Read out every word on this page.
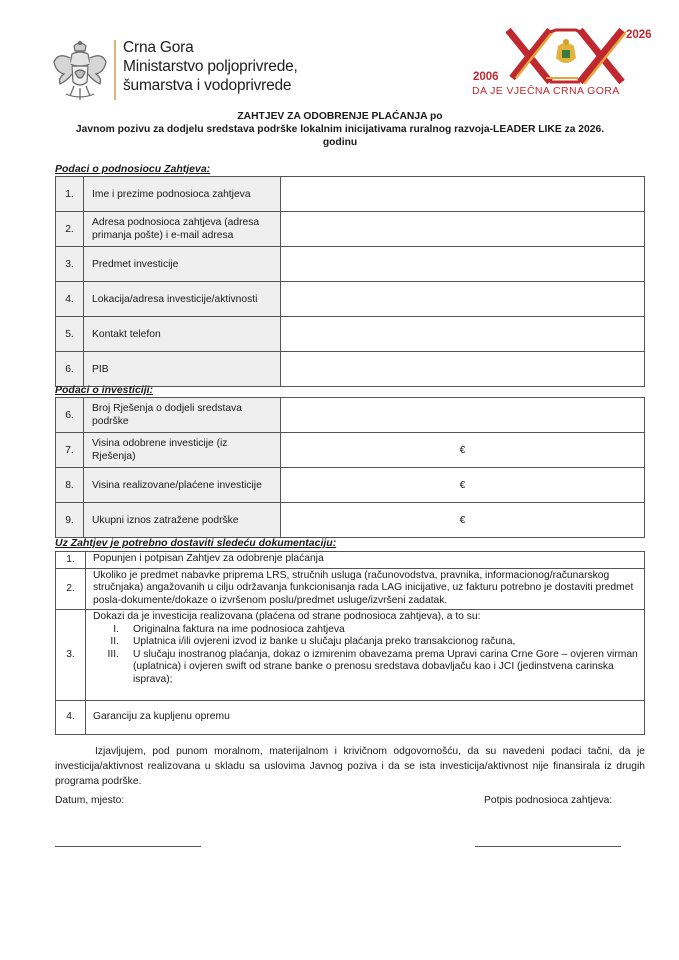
Crna Gora
Ministarstvo poljoprivrede,
šumarstva i vodoprivrede
2026
2006
DA JE VJEČNA CRNA GORA
ZAHTJEV ZA ODOBRENJE PLAĆANJA po
Javnom pozivu za dodjelu sredstava podrške lokalnim inicijativama ruralnog razvoja-LEADER LIKE za 2026.
godinu
Podaci o podnosiocu Zahtjeva:
1.	Ime i prezime podnosioca zahtjeva	
2.	Adresa podnosioca zahtjeva (adresa primanja pošte) i e-mail adresa	
3.	Predmet investicije	
4.	Lokacija/adresa investicije/aktivnosti	
5.	Kontakt telefon	
6.	PIB	
Podaci o investiciji:
6.	Broj Rješenja o dodjeli sredstava podrške	
7.	Visina odobrene investicije (iz Rješenja)	€
8.	Visina realizovane/plaćene investicije	€
9.	Ukupni iznos zatražene podrške	€
Uz Zahtjev je potrebno dostaviti sledeću dokumentaciju:
1.	Popunjen i potpisan Zahtjev za odobrenje plaćanja
2.	Ukoliko je predmet nabavke priprema LRS, stručnih usluga (računovodstva, pravnika, informacionog/računarskog stručnjaka) angažovanih u cilju održavanja funkcionisanja rada LAG inicijative, uz fakturu potrebno je dostaviti predmet posla-dokumente/dokaze o izvršenom poslu/predmet usluge/izvršeni zadatak.
3.	
Dokazi da je investicija realizovana (plaćena od strane podnosioca zahtjeva), a to su:
I.	Originalna faktura na ime podnosioca zahtjeva
II.	Uplatnica i/ili ovjereni izvod iz banke u slučaju plaćanja preko transakcionog računa,
III.	U slučaju inostranog plaćanja, dokaz o izmirenim obavezama prema Upravi carina Crne Gore – ovjeren virman (uplatnica) i ovjeren swift od strane banke o prenosu sredstava dobavljaču kao i JCI (jedinstvena carinska isprava);

4.	Garanciju za kupljenu opremu
Izjavljujem, pod punom moralnom, materijalnom i krivičnom odgovornošću, da su navedeni podaci tačni, da je investicija/aktivnost realizovana u skladu sa uslovima Javnog poziva i da se ista investicija/aktivnost nije finansirala iz drugih programa podrške.
Datum, mjesto:	Potpis podnosioca zahtjeva:
